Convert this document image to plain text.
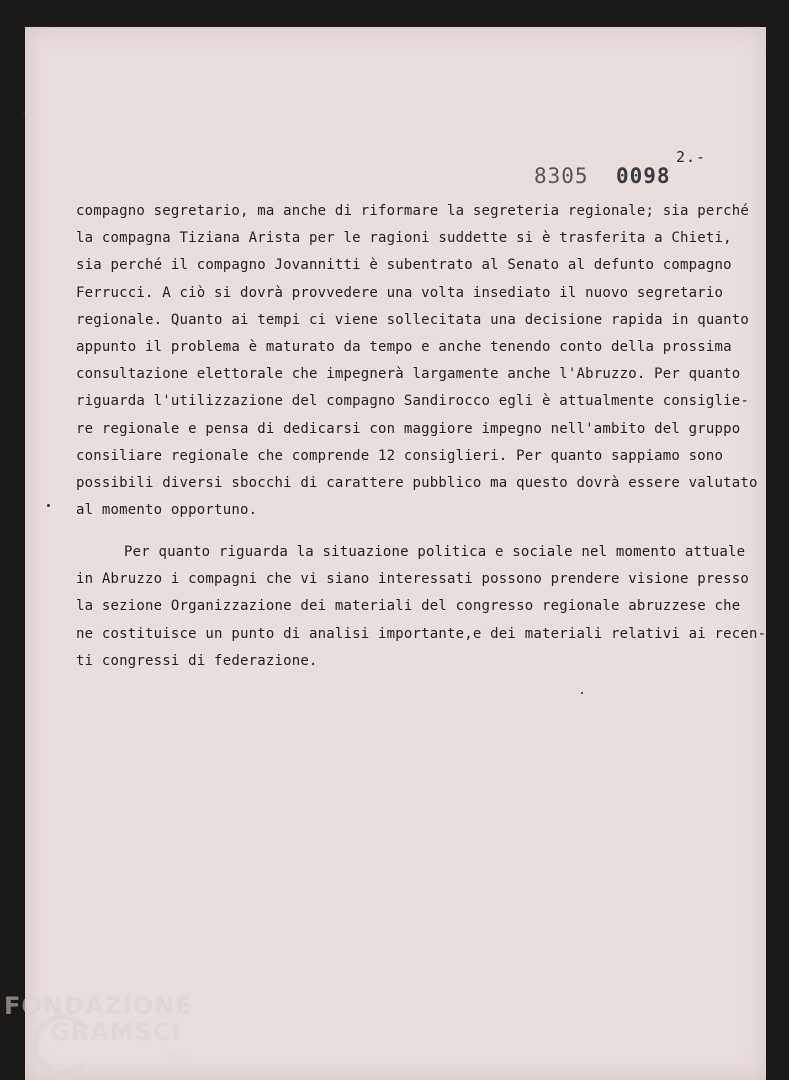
2.-
8305 0098

compagno segretario, ma anche di riformare la segreteria regionale; sia perché
la compagna Tiziana Arista per le ragioni suddette si è trasferita a Chieti,
sia perché il compagno Jovannitti è subentrato al Senato al defunto compagno
Ferrucci. A ciò si dovrà provvedere una volta insediato il nuovo segretario
regionale. Quanto ai tempi ci viene sollecitata una decisione rapida in quanto
appunto il problema è maturato da tempo e anche tenendo conto della prossima
consultazione elettorale che impegnerà largamente anche l'Abruzzo. Per quanto
riguarda l'utilizzazione del compagno Sandirocco egli è attualmente consiglie-
re regionale e pensa di dedicarsi con maggiore impegno nell'ambito del gruppo
consiliare regionale che comprende 12 consiglieri. Per quanto sappiamo sono
possibili diversi sbocchi di carattere pubblico ma questo dovrà essere valutato
al momento opportuno.

Per quanto riguarda la situazione politica e sociale nel momento attuale
in Abruzzo i compagni che vi siano interessati possono prendere visione presso
la sezione Organizzazione dei materiali del congresso regionale abruzzese che
ne costituisce un punto di analisi importante,e dei materiali relativi ai recen-
ti congressi di federazione.

FONDAZIONE
GRAMSCI
onlus
